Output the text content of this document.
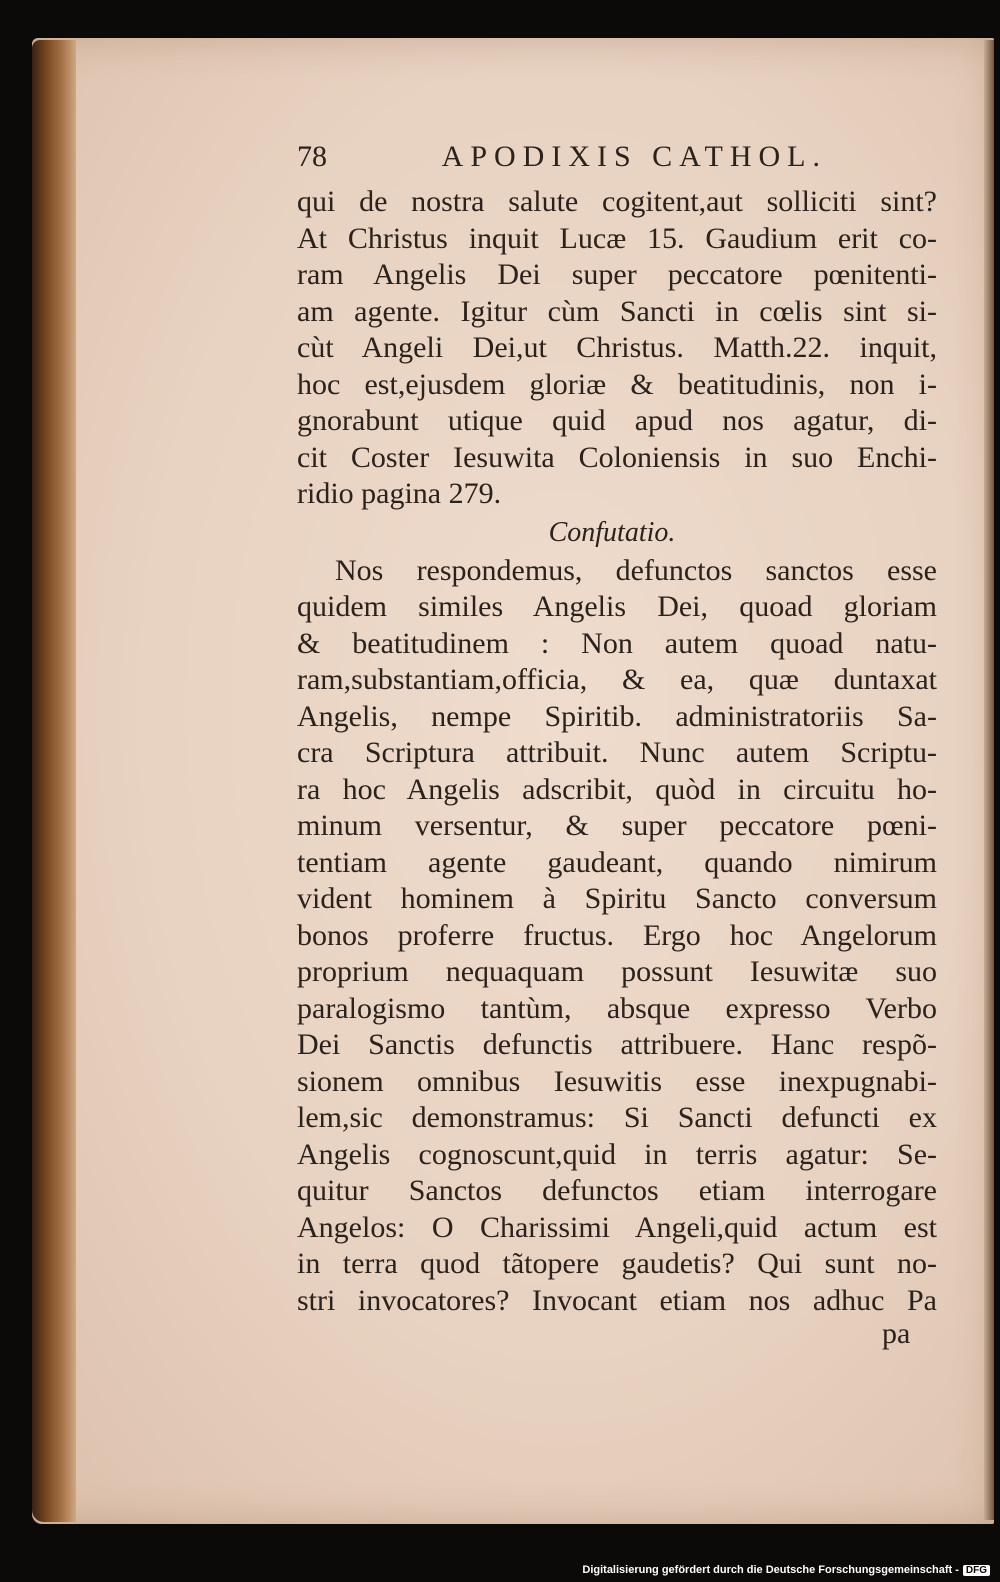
78	APODIXIS CATHOL.
qui de nostra salute cogitent,aut solliciti sint?
At Christus inquit Lucæ 15. Gaudium erit co-
ram Angelis Dei super peccatore pœnitenti-
am agente. Igitur cùm Sancti in cœlis sint si-
cùt Angeli Dei,ut Christus. Matth.22. inquit,
hoc est,ejusdem gloriæ & beatitudinis, non i-
gnorabunt utique quid apud nos agatur, di-
cit Coster Iesuwita Coloniensis in suo Enchi-
ridio pagina 279.
Confutatio.
Nos respondemus, defunctos sanctos esse
quidem similes Angelis Dei, quoad gloriam
& beatitudinem : Non autem quoad natu-
ram,substantiam,officia, & ea, quæ duntaxat
Angelis, nempe Spiritib. administratoriis Sa-
cra Scriptura attribuit. Nunc autem Scriptu-
ra hoc Angelis adscribit, quòd in circuitu ho-
minum versentur, & super peccatore pœni-
tentiam agente gaudeant, quando nimirum
vident hominem à Spiritu Sancto conversum
bonos proferre fructus. Ergo hoc Angelorum
proprium nequaquam possunt Iesuwitæ suo
paralogismo tantùm, absque expresso Verbo
Dei Sanctis defunctis attribuere. Hanc respõ-
sionem omnibus Iesuwitis esse inexpugnabi-
lem,sic demonstramus: Si Sancti defuncti ex
Angelis cognoscunt,quid in terris agatur: Se-
quitur Sanctos defunctos etiam interrogare
Angelos: O Charissimi Angeli,quid actum est
in terra quod tãtopere gaudetis? Qui sunt no-
stri invocatores? Invocant etiam nos adhuc Pa
pa
Digitalisierung gefördert durch die Deutsche Forschungsgemeinschaft - DFG
